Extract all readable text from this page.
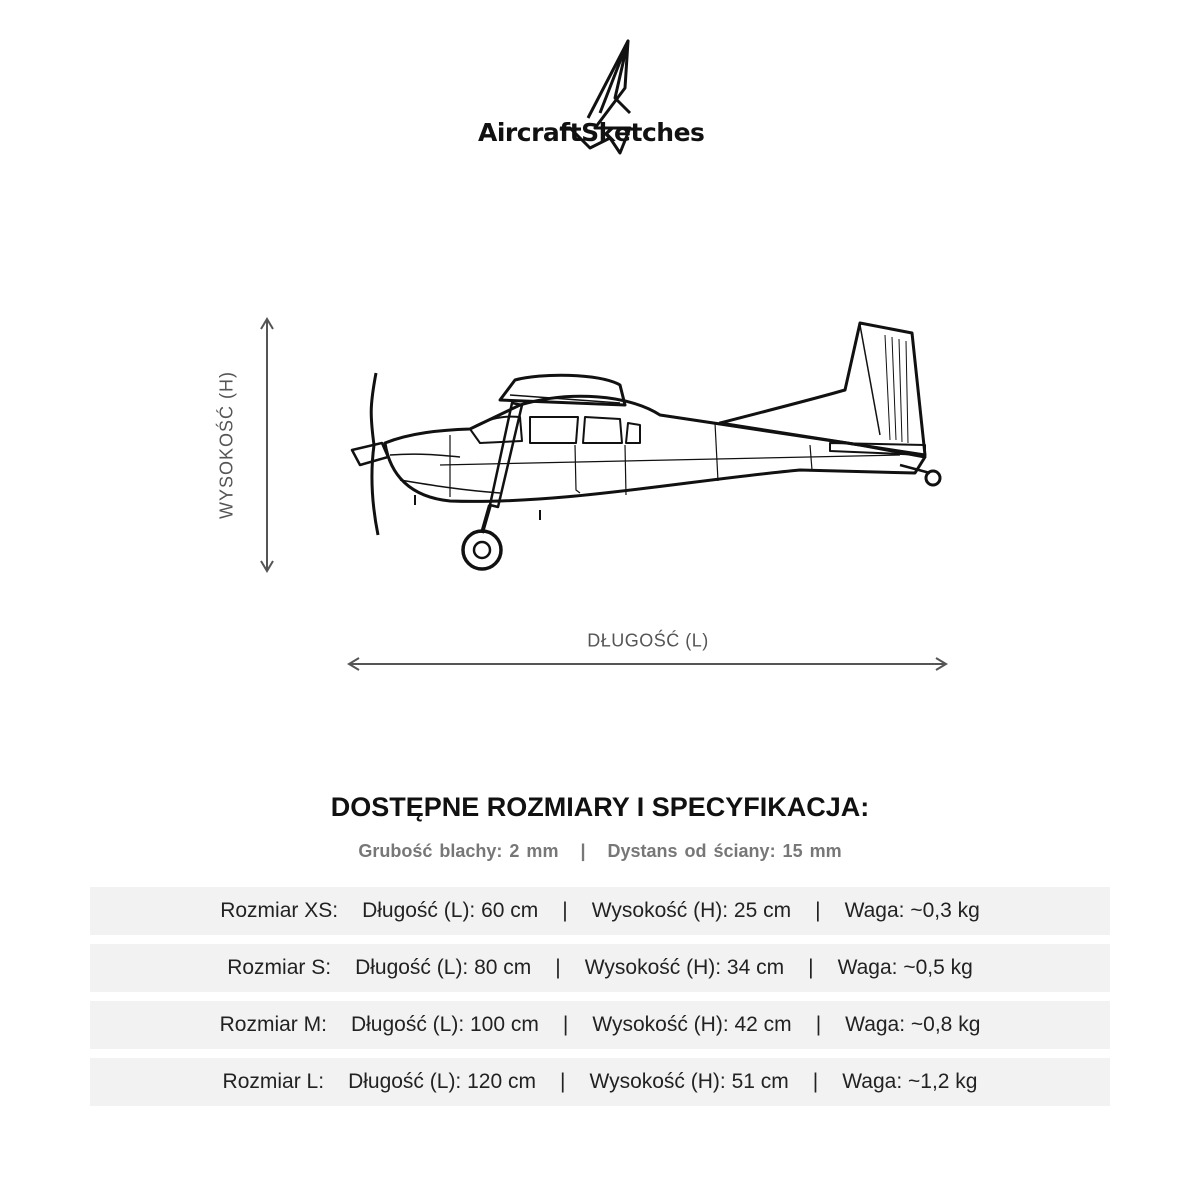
AircraftSketches
WYSOKOŚĆ (H)
DŁUGOŚĆ (L)
DOSTĘPNE ROZMIARY I SPECYFIKACJA:
Grubość blachy: 2 mm | Dystans od ściany: 15 mm
Rozmiar XS: Długość (L): 60 cm | Wysokość (H): 25 cm | Waga: ~0,3 kg
Rozmiar S: Długość (L): 80 cm | Wysokość (H): 34 cm | Waga: ~0,5 kg
Rozmiar M: Długość (L): 100 cm | Wysokość (H): 42 cm | Waga: ~0,8 kg
Rozmiar L: Długość (L): 120 cm | Wysokość (H): 51 cm | Waga: ~1,2 kg
